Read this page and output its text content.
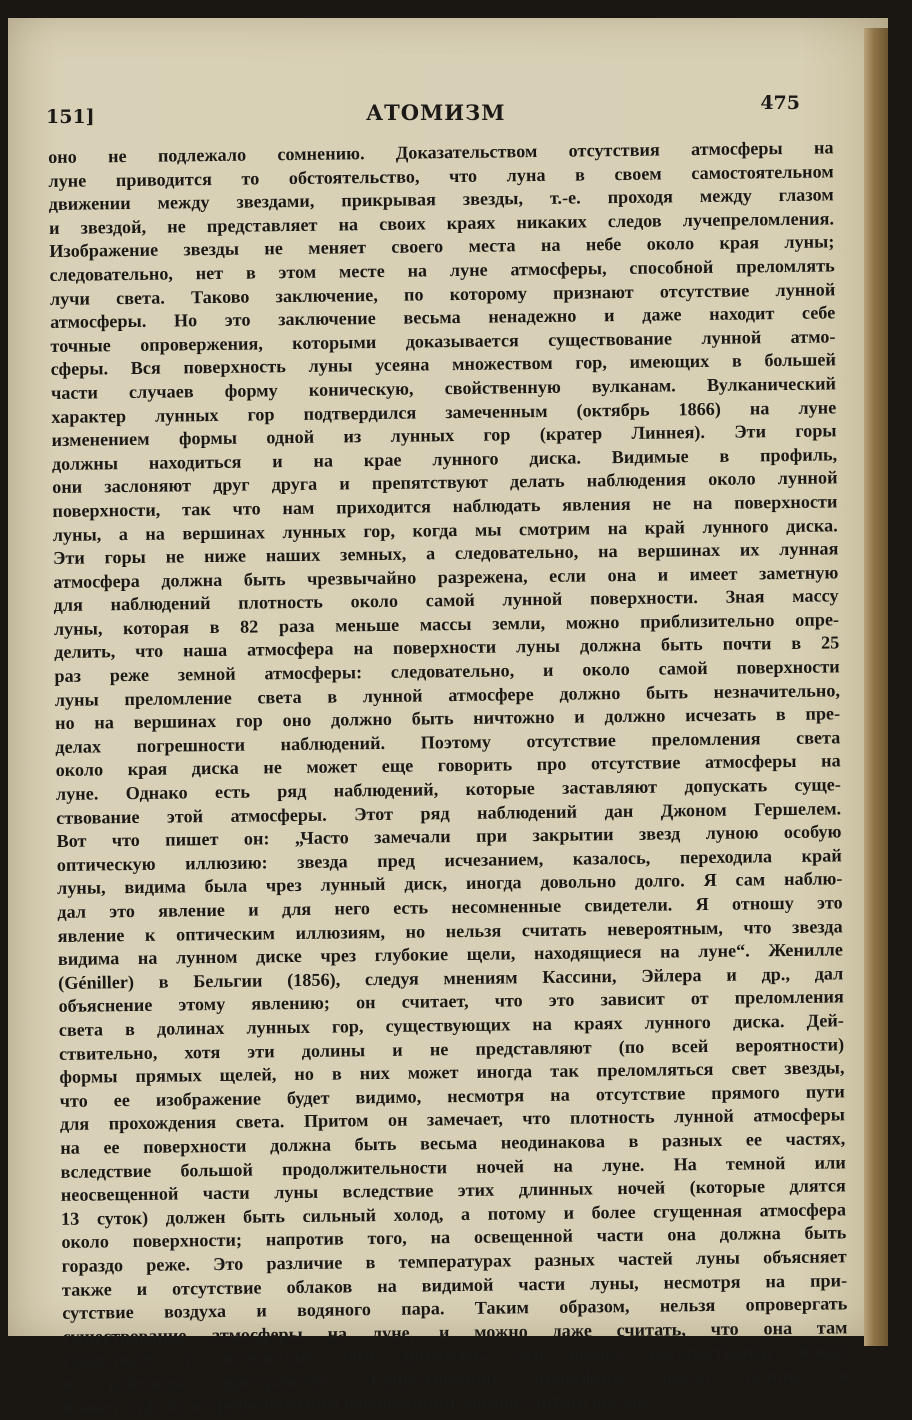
151]	АТОМИЗМ	475
оно не подлежало сомнению. Доказательством отсутствия атмосферы на
луне приводится то обстоятельство, что луна в своем самостоятельном
движении между звездами, прикрывая звезды, т.-е. проходя между глазом
и звездой, не представляет на своих краях никаких следов лучепреломления.
Изображение звезды не меняет своего места на небе около края луны;
следовательно, нет в этом месте на луне атмосферы, способной преломлять
лучи света. Таково заключение, по которому признают отсутствие лунной
атмосферы. Но это заключение весьма ненадежно и даже находит себе
точные опровержения, которыми доказывается существование лунной атмо-
сферы. Вся поверхность луны усеяна множеством гор, имеющих в большей
части случаев форму коническую, свойственную вулканам. Вулканический
характер лунных гор подтвердился замеченным (октябрь 1866) на луне
изменением формы одной из лунных гор (кратер Линнея). Эти горы
должны находиться и на крае лунного диска. Видимые в профиль,
они заслоняют друг друга и препятствуют делать наблюдения около лунной
поверхности, так что нам приходится наблюдать явления не на поверхности
луны, а на вершинах лунных гор, когда мы смотрим на край лунного диска.
Эти горы не ниже наших земных, а следовательно, на вершинах их лунная
атмосфера должна быть чрезвычайно разрежена, если она и имеет заметную
для наблюдений плотность около самой лунной поверхности. Зная массу
луны, которая в 82 раза меньше массы земли, можно приблизительно опре-
делить, что наша атмосфера на поверхности луны должна быть почти в 25
раз реже земной атмосферы: следовательно, и около самой поверхности
луны преломление света в лунной атмосфере должно быть незначительно,
но на вершинах гор оно должно быть ничтожно и должно исчезать в пре-
делах погрешности наблюдений. Поэтому отсутствие преломления света
около края диска не может еще говорить про отсутствие атмосферы на
луне. Однако есть ряд наблюдений, которые заставляют допускать суще-
ствование этой атмосферы. Этот ряд наблюдений дан Джоном Гершелем.
Вот что пишет он: „Часто замечали при закрытии звезд луною особую
оптическую иллюзию: звезда пред исчезанием, казалось, переходила край
луны, видима была чрез лунный диск, иногда довольно долго. Я сам наблю-
дал это явление и для него есть несомненные свидетели. Я отношу это
явление к оптическим иллюзиям, но нельзя считать невероятным, что звезда
видима на лунном диске чрез глубокие щели, находящиеся на луне“. Женилле
(Géniller) в Бельгии (1856), следуя мнениям Кассини, Эйлера и др., дал
объяснение этому явлению; он считает, что это зависит от преломления
света в долинах лунных гор, существующих на краях лунного диска. Дей-
ствительно, хотя эти долины и не представляют (по всей вероятности)
формы прямых щелей, но в них может иногда так преломляться свет звезды,
что ее изображение будет видимо, несмотря на отсутствие прямого пути
для прохождения света. Притом он замечает, что плотность лунной атмосферы
на ее поверхности должна быть весьма неодинакова в разных ее частях,
вследствие большой продолжительности ночей на луне. На темной или
неосвещенной части луны вследствие этих длинных ночей (которые длятся
13 суток) должен быть сильный холод, а потому и более сгущенная атмосфера
около поверхности; напротив того, на освещенной части она должна быть
гораздо реже. Это различие в температурах разных частей луны объясняет
также и отсутствие облаков на видимой части луны, несмотря на при-
сутствие воздуха и водяного пара. Таким образом, нельзя опровергать
существование атмосферы на луне, и можно даже считать, что она там
существует, и вследствие того допускать, что воздух распространен всюду
в небесном пространстве. Существование атмосферы около солнца и
планет, судя по астрономическим наблюдениям, можно считать вполне
